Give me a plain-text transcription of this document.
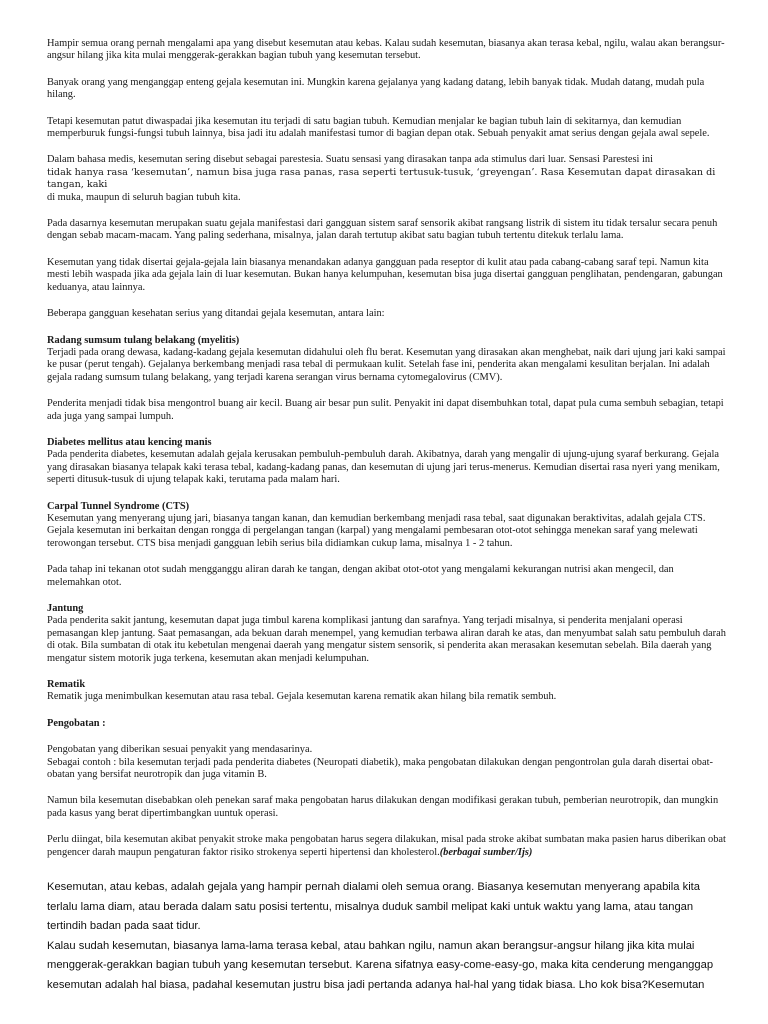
Hampir semua orang pernah mengalami apa yang disebut kesemutan atau kebas. Kalau sudah kesemutan, biasanya akan terasa kebal, ngilu, walau akan berangsur-angsur hilang jika kita mulai menggerak-gerakkan bagian tubuh yang kesemutan tersebut.

Banyak orang yang menganggap enteng gejala kesemutan ini. Mungkin karena gejalanya yang kadang datang, lebih banyak tidak. Mudah datang, mudah pula hilang.

Tetapi kesemutan patut diwaspadai jika kesemutan itu terjadi di satu bagian tubuh. Kemudian menjalar ke bagian tubuh lain di sekitarnya, dan kemudian memperburuk fungsi-fungsi tubuh lainnya, bisa jadi itu adalah manifestasi tumor di bagian depan otak. Sebuah penyakit amat serius dengan gejala awal sepele.

Dalam bahasa medis, kesemutan sering disebut sebagai parestesia. Suatu sensasi yang dirasakan tanpa ada stimulus dari luar. Sensasi Parestesi ini
tidak hanya rasa ‘kesemutan’, namun bisa juga rasa panas, rasa seperti tertusuk-tusuk, ‘greyengan’. Rasa Kesemutan dapat dirasakan di tangan, kaki
di muka, maupun di seluruh bagian tubuh kita.

Pada dasarnya kesemutan merupakan suatu gejala manifestasi dari gangguan sistem saraf sensorik akibat rangsang listrik di sistem itu tidak tersalur secara penuh dengan sebab macam-macam. Yang paling sederhana, misalnya, jalan darah tertutup akibat satu bagian tubuh tertentu ditekuk terlalu lama.

Kesemutan yang tidak disertai gejala-gejala lain biasanya menandakan adanya gangguan pada reseptor di kulit atau pada cabang-cabang saraf tepi. Namun kita mesti lebih waspada jika ada gejala lain di luar kesemutan. Bukan hanya kelumpuhan, kesemutan bisa juga disertai gangguan penglihatan, pendengaran, gabungan keduanya, atau lainnya.

Beberapa gangguan kesehatan serius yang ditandai gejala kesemutan, antara lain:

Radang sumsum tulang belakang (myelitis)

Terjadi pada orang dewasa, kadang-kadang gejala kesemutan didahului oleh flu berat. Kesemutan yang dirasakan akan menghebat, naik dari ujung jari kaki sampai ke pusar (perut tengah). Gejalanya berkembang menjadi rasa tebal di permukaan kulit. Setelah fase ini, penderita akan mengalami kesulitan berjalan. Ini adalah gejala radang sumsum tulang belakang, yang terjadi karena serangan virus bernama cytomegalovirus (CMV).

Penderita menjadi tidak bisa mengontrol buang air kecil. Buang air besar pun sulit. Penyakit ini dapat disembuhkan total, dapat pula cuma sembuh sebagian, tetapi ada juga yang sampai lumpuh.

Diabetes mellitus atau kencing manis

Pada penderita diabetes, kesemutan adalah gejala kerusakan pembuluh-pembuluh darah. Akibatnya, darah yang mengalir di ujung-ujung syaraf berkurang. Gejala yang dirasakan biasanya telapak kaki terasa tebal, kadang-kadang panas, dan kesemutan di ujung jari terus-menerus. Kemudian disertai rasa nyeri yang menikam, seperti ditusuk-tusuk di ujung telapak kaki, terutama pada malam hari.

Carpal Tunnel Syndrome (CTS)

Kesemutan yang menyerang ujung jari, biasanya tangan kanan, dan kemudian berkembang menjadi rasa tebal, saat digunakan beraktivitas, adalah gejala CTS. Gejala kesemutan ini berkaitan dengan rongga di pergelangan tangan (karpal) yang mengalami pembesaran otot-otot sehingga menekan saraf yang melewati terowongan tersebut. CTS bisa menjadi gangguan lebih serius bila didiamkan cukup lama, misalnya 1 - 2 tahun.

Pada tahap ini tekanan otot sudah mengganggu aliran darah ke tangan, dengan akibat otot-otot yang mengalami kekurangan nutrisi akan mengecil, dan melemahkan otot.

Jantung

Pada penderita sakit jantung, kesemutan dapat juga timbul karena komplikasi jantung dan sarafnya. Yang terjadi misalnya, si penderita menjalani operasi pemasangan klep jantung. Saat pemasangan, ada bekuan darah menempel, yang kemudian terbawa aliran darah ke atas, dan menyumbat salah satu pembuluh darah di otak. Bila sumbatan di otak itu kebetulan mengenai daerah yang mengatur sistem sensorik, si penderita akan merasakan kesemutan sebelah. Bila daerah yang mengatur sistem motorik juga terkena, kesemutan akan menjadi kelumpuhan.

Rematik

Rematik juga menimbulkan kesemutan atau rasa tebal. Gejala kesemutan karena rematik akan hilang bila rematik sembuh.

Pengobatan :

Pengobatan yang diberikan sesuai penyakit yang mendasarinya.

Sebagai contoh : bila kesemutan terjadi pada penderita diabetes (Neuropati diabetik), maka pengobatan dilakukan dengan pengontrolan gula darah disertai obat-obatan yang bersifat neurotropik dan juga vitamin B.

Namun bila kesemutan disebabkan oleh penekan saraf maka pengobatan harus dilakukan dengan modifikasi gerakan tubuh, pemberian neurotropik, dan mungkin pada kasus yang berat dipertimbangkan uuntuk operasi.

Perlu diingat, bila kesemutan akibat penyakit stroke maka pengobatan harus segera dilakukan, misal pada stroke akibat sumbatan maka pasien harus diberikan obat pengencer darah maupun pengaturan faktor risiko strokenya seperti hipertensi dan kholesterol.(berbagai sumber/Ijs)

Kesemutan, atau kebas, adalah gejala yang hampir pernah dialami oleh semua orang. Biasanya kesemutan menyerang apabila kita terlalu lama diam, atau berada dalam satu posisi tertentu, misalnya duduk sambil melipat kaki untuk waktu yang lama, atau tangan tertindih badan pada saat tidur.

Kalau sudah kesemutan, biasanya lama-lama terasa kebal, atau bahkan ngilu, namun akan berangsur-angsur hilang jika kita mulai menggerak-gerakkan bagian tubuh yang kesemutan tersebut. Karena sifatnya easy-come-easy-go, maka kita cenderung menganggap kesemutan adalah hal biasa, padahal kesemutan justru bisa jadi pertanda adanya hal-hal yang tidak biasa. Lho kok bisa?Kesemutan
